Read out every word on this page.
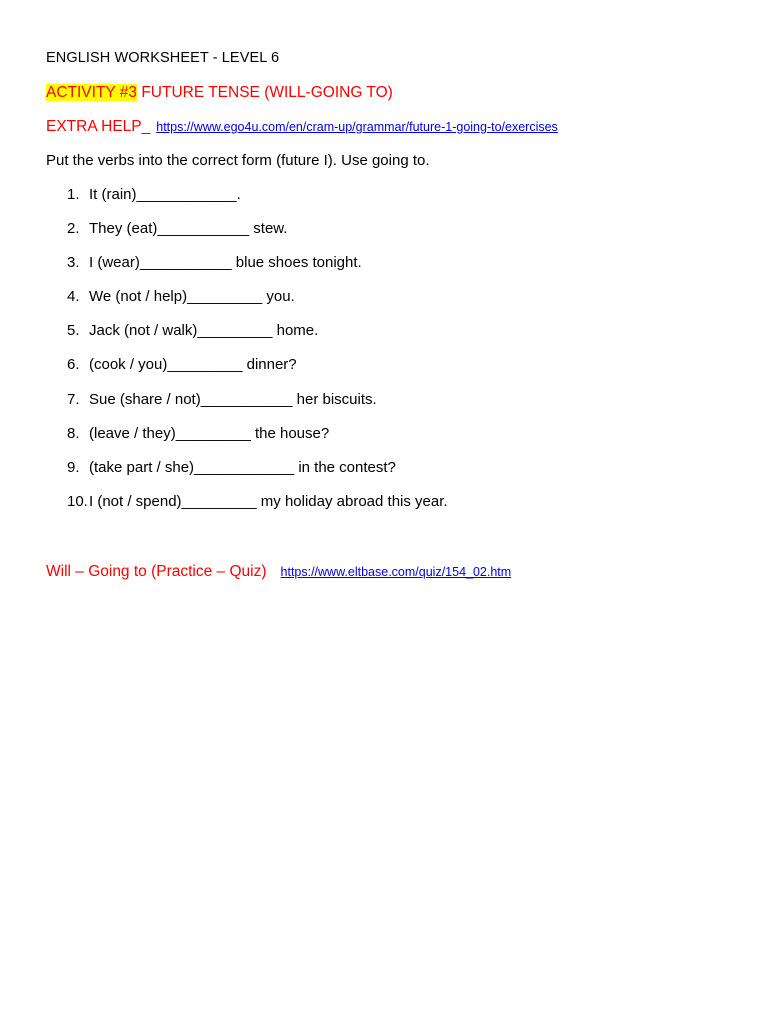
ENGLISH WORKSHEET - LEVEL 6
ACTIVITY #3 FUTURE TENSE (WILL-GOING TO)
EXTRA HELP_ https://www.ego4u.com/en/cram-up/grammar/future-1-going-to/exercises
Put the verbs into the correct form (future I). Use going to.
1. It (rain)____________.
2. They (eat)___________ stew.
3. I (wear)___________ blue shoes tonight.
4. We (not / help)_________ you.
5. Jack (not / walk)_________ home.
6. (cook / you)_________ dinner?
7. Sue (share / not)___________ her biscuits.
8. (leave / they)_________ the house?
9. (take part / she)____________ in the contest?
10. I (not / spend)_________ my holiday abroad this year.
Will – Going to (Practice – Quiz) https://www.eltbase.com/quiz/154_02.htm
